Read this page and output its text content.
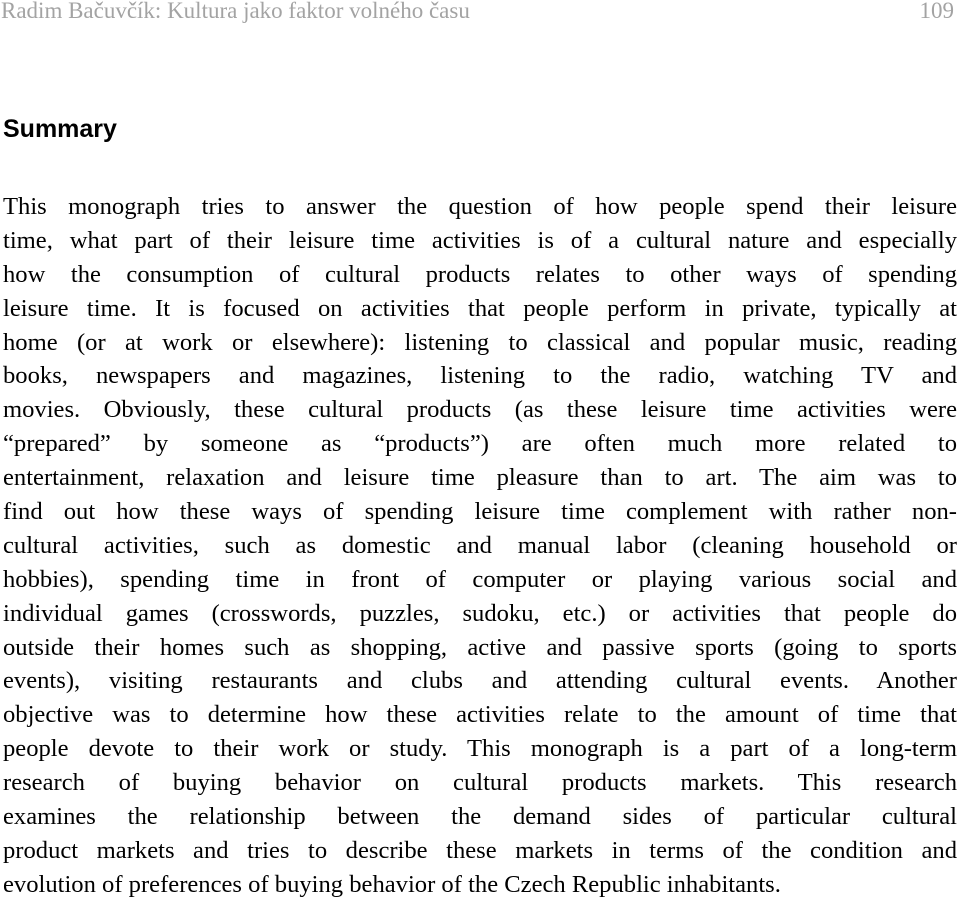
Radim Bačuvčík: Kultura jako faktor volného času	109
Summary
This monograph tries to answer the question of how people spend their leisure
time, what part of their leisure time activities is of a cultural nature and especially
how the consumption of cultural products relates to other ways of spending
leisure time. It is focused on activities that people perform in private, typically at
home (or at work or elsewhere): listening to classical and popular music, reading
books, newspapers and magazines, listening to the radio, watching TV and
movies. Obviously, these cultural products (as these leisure time activities were
“prepared” by someone as “products”) are often much more related to
entertainment, relaxation and leisure time pleasure than to art. The aim was to
find out how these ways of spending leisure time complement with rather non-
cultural activities, such as domestic and manual labor (cleaning household or
hobbies), spending time in front of computer or playing various social and
individual games (crosswords, puzzles, sudoku, etc.) or activities that people do
outside their homes such as shopping, active and passive sports (going to sports
events), visiting restaurants and clubs and attending cultural events. Another
objective was to determine how these activities relate to the amount of time that
people devote to their work or study. This monograph is a part of a long-term
research of buying behavior on cultural products markets. This research
examines the relationship between the demand sides of particular cultural
product markets and tries to describe these markets in terms of the condition and
evolution of preferences of buying behavior of the Czech Republic inhabitants.
